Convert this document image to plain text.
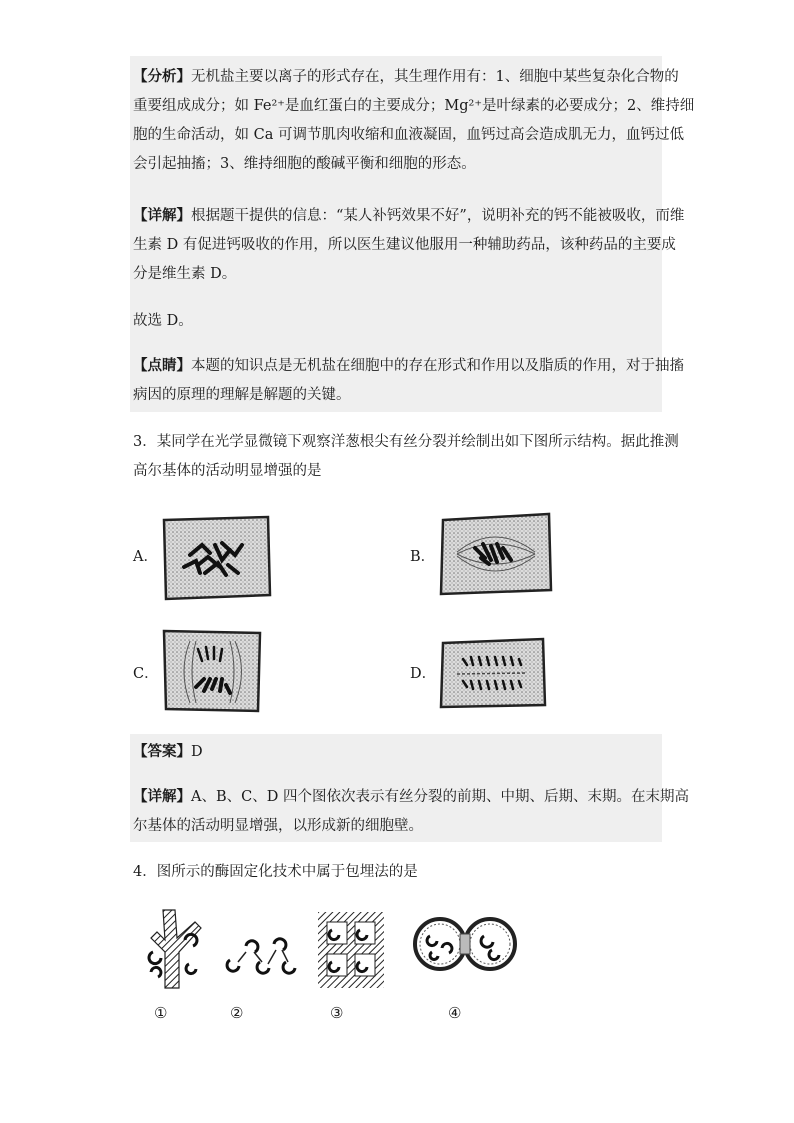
【分析】无机盐主要以离子的形式存在，其生理作用有：1、细胞中某些复杂化合物的
重要组成成分；如 Fe²⁺是血红蛋白的主要成分；Mg²⁺是叶绿素的必要成分；2、维持细
胞的生命活动，如 Ca 可调节肌肉收缩和血液凝固，血钙过高会造成肌无力，血钙过低
会引起抽搐；3、维持细胞的酸碱平衡和细胞的形态。
【详解】根据题干提供的信息：“某人补钙效果不好”，说明补充的钙不能被吸收，而维
生素 D 有促进钙吸收的作用，所以医生建议他服用一种辅助药品，该种药品的主要成
分是维生素 D。
故选 D。
【点睛】本题的知识点是无机盐在细胞中的存在形式和作用以及脂质的作用，对于抽搐
病因的原理的理解是解题的关键。
3．某同学在光学显微镜下观察洋葱根尖有丝分裂并绘制出如下图所示结构。据此推测
高尔基体的活动明显增强的是
A．	B．
C．	D．
【答案】D
【详解】A、B、C、D 四个图依次表示有丝分裂的前期、中期、后期、末期。在末期高
尔基体的活动明显增强，以形成新的细胞壁。
4．图所示的酶固定化技术中属于包埋法的是
①	②	③	④
